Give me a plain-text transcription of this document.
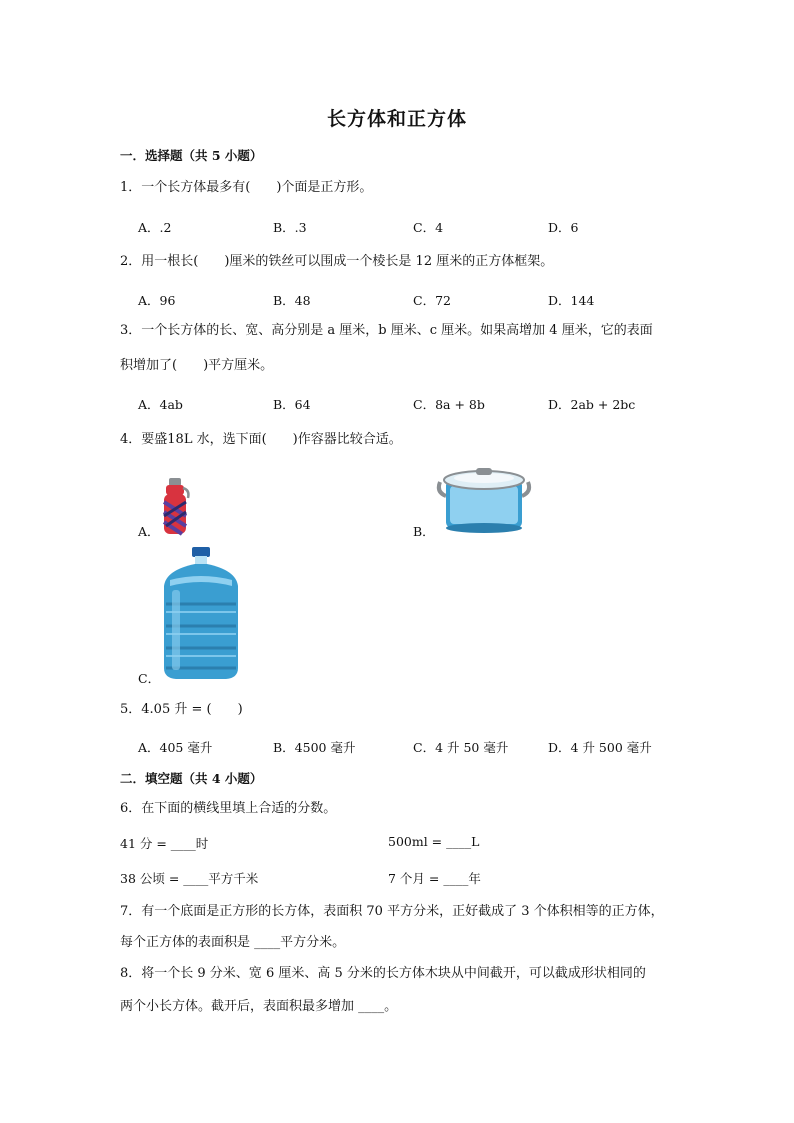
长方体和正方体
一．选择题（共 5 小题）
1．一个长方体最多有(　　)个面是正方形。
A．.2	B．.3	C．4	D．6
2．用一根长(　　)厘米的铁丝可以围成一个棱长是 12 厘米的正方体框架。
A．96	B．48	C．72	D．144
3．一个长方体的长、宽、高分别是 a 厘米，b 厘米、c 厘米。如果高增加 4 厘米，它的表面
积增加了(　　)平方厘米。
A．4ab	B．64	C．8a + 8b	D．2ab + 2bc
4．要盛18L 水，选下面(　　)作容器比较合适。
A．	B．
C．
5．4.05 升 = (　　)
A．405 毫升	B．4500 毫升	C．4 升 50 毫升	D．4 升 500 毫升
二．填空题（共 4 小题）
6．在下面的横线里填上合适的分数。
41 分 = ____时	500ml = ____L
38 公顷 = ____平方千米	7 个月 = ____年
7．有一个底面是正方形的长方体，表面积 70 平方分米，正好截成了 3 个体积相等的正方体，
每个正方体的表面积是 ____平方分米。
8．将一个长 9 分米、宽 6 厘米、高 5 分米的长方体木块从中间截开，可以截成形状相同的
两个小长方体。截开后，表面积最多增加 ____。
